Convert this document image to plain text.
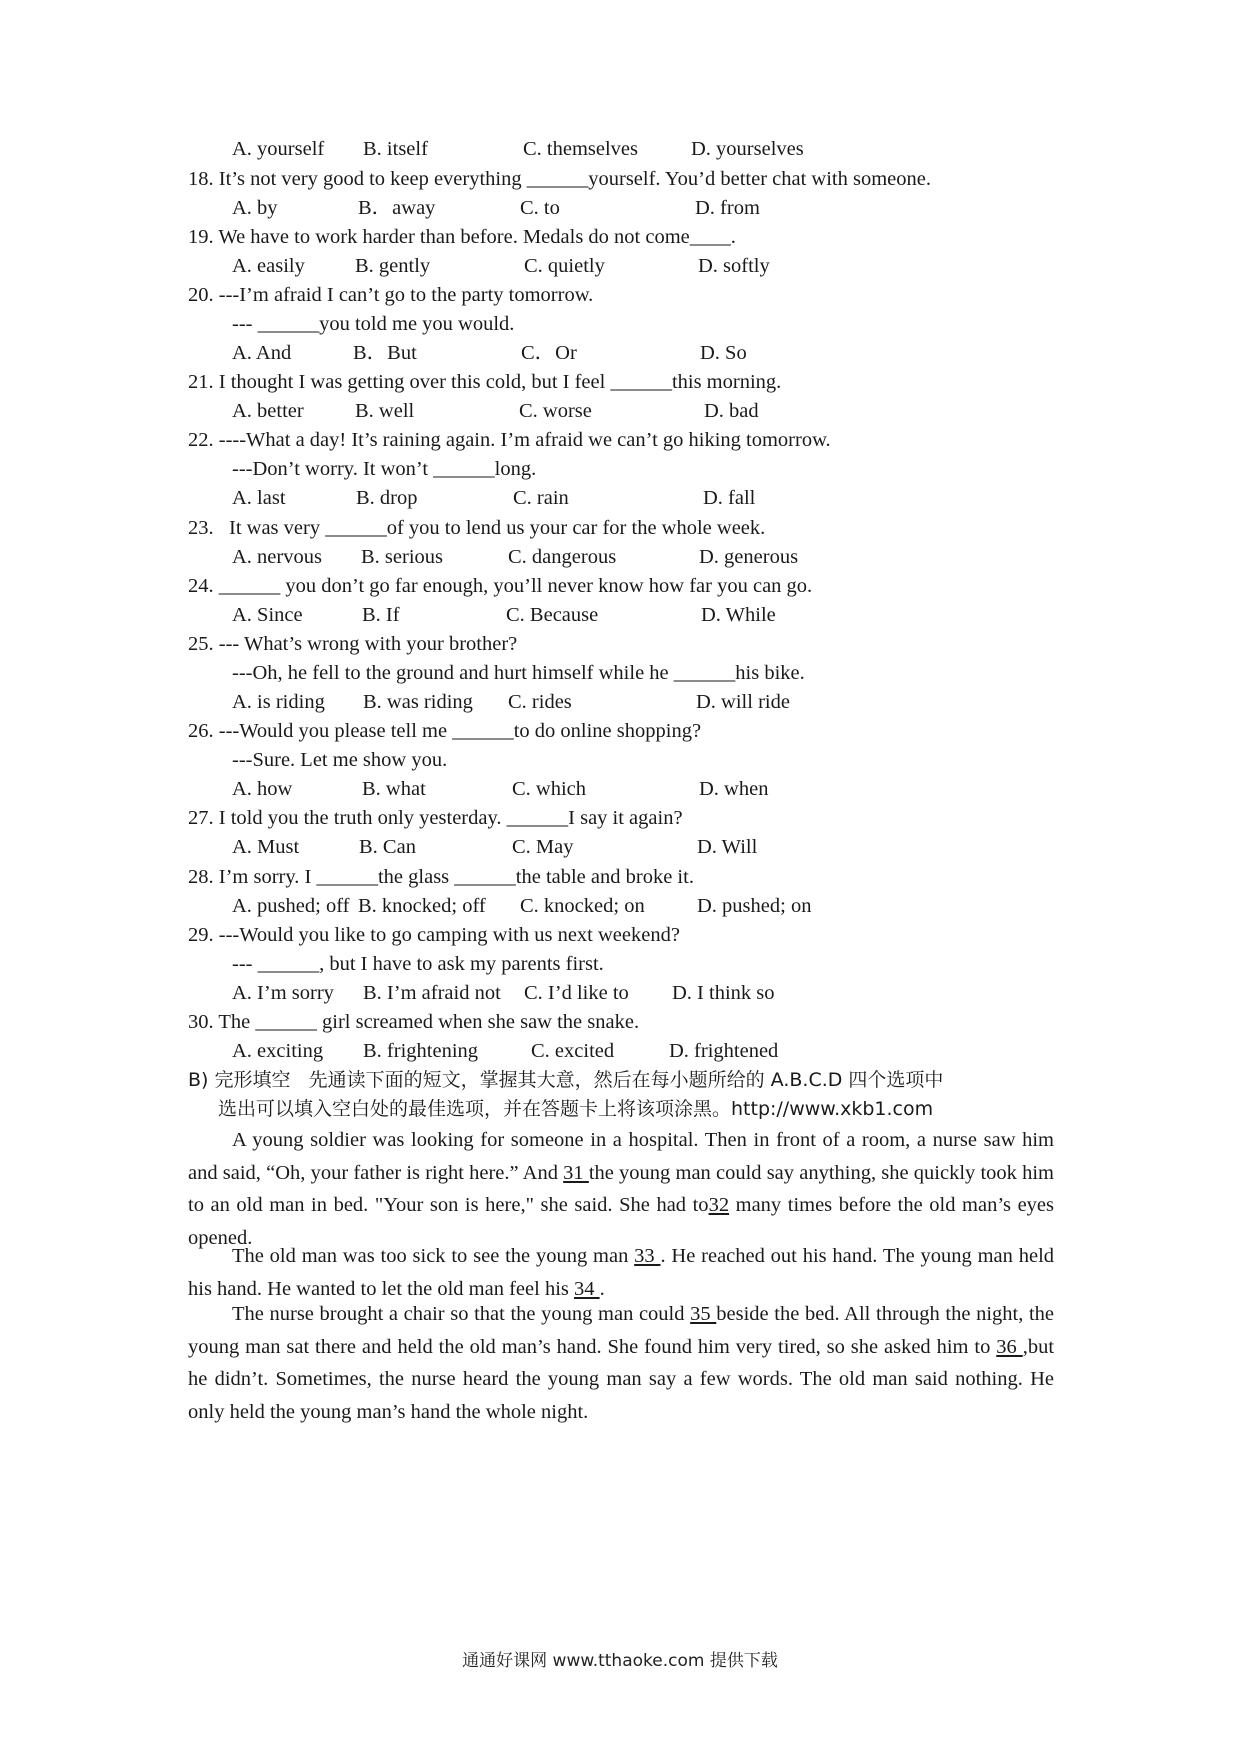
A. yourself B. itself	C. themselves	D. yourselves
18. It’s not very good to keep everything ______yourself. You’d better chat with someone.
A. by	B．away	C. to	D. from
19. We have to work harder than before. Medals do not come____.
A. easily B. gently	C. quietly	D. softly
20. ---I’m afraid I can’t go to the party tomorrow.
--- ______you told me you would.
A. And	B．But	C．Or	D. So
21. I thought I was getting over this cold, but I feel ______this morning.
A. better	B. well	C. worse	D. bad
22. ----What a day! It’s raining again. I’m afraid we can’t go hiking tomorrow.
---Don’t worry. It won’t ______long.
A. last	B. drop	C. rain	D. fall
23.   It was very ______of you to lend us your car for the whole week.
A. nervous B. serious	C. dangerous	D. generous
24. ______ you don’t go far enough, you’ll never know how far you can go.
A. Since	B. If	C. Because	D. While
25. --- What’s wrong with your brother?
---Oh, he fell to the ground and hurt himself while he ______his bike.
A. is riding B. was riding C. rides	D. will ride
26. ---Would you please tell me ______to do online shopping?
---Sure. Let me show you.
A. how	B. what	C. which	D. when
27. I told you the truth only yesterday. ______I say it again?
A. Must	B. Can	C. May	D. Will
28. I’m sorry. I ______the glass ______the table and broke it.
A. pushed; off B. knocked; off C. knocked; on	D. pushed; on
29. ---Would you like to go camping with us next weekend?
--- ______, but I have to ask my parents first.
A. I’m sorry B. I’m afraid not C. I’d like to D. I think so
30. The ______ girl screamed when she saw the snake.
A. exciting B. frightening	C. excited	D. frightened
B) 完形填空 先通读下面的短文，掌握其大意，然后在每小题所给的 A.B.C.D 四个选项中
选出可以填入空白处的最佳选项，并在答题卡上将该项涂黑。http://www.xkb1.com
A young soldier was looking for someone in a hospital. Then in front of a room, a nurse saw him and said, “Oh, your father is right here.” And 31 the young man could say anything, she quickly took him to an old man in bed. "Your son is here," she said. She had to32 many times before the old man’s eyes opened.
The old man was too sick to see the young man 33 . He reached out his hand. The young man held his hand. He wanted to let the old man feel his 34 .
The nurse brought a chair so that the young man could 35 beside the bed. All through the night, the young man sat there and held the old man’s hand. She found him very tired, so she asked him to 36 ,but he didn’t. Sometimes, the nurse heard the young man say a few words. The old man said nothing. He only held the young man’s hand the whole night.
通通好课网 www.tthaoke.com 提供下载
